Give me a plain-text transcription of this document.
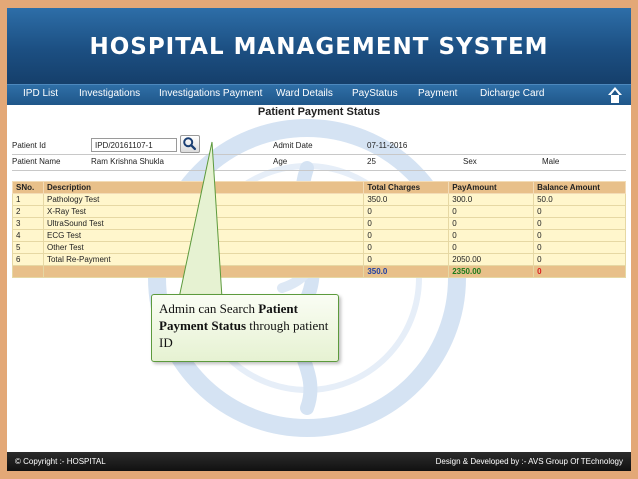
HOSPITAL MANAGEMENT SYSTEM
IPD List Investigations Investigations Payment Ward Details PayStatus Payment Dicharge Card
Patient Payment Status
Patient Id
IPD/20161107-1	Admit Date	07-11-2016
Patient Name	Ram Krishna Shukla	Age	25	Sex	Male
SNo.	Description	Total Charges	PayAmount	Balance Amount
1	Pathology Test	350.0	300.0	50.0
2	X-Ray Test	0	0	0
3	UltraSound Test	0	0	0
4	ECG Test	0	0	0
5	Other Test	0	0	0
6	Total Re-Payment	0	2050.00	0
		350.0	2350.00	0
Admin can Search Patient Payment Status through patient ID
© Copyright :- HOSPITAL	Design & Developed by :- AVS Group Of TEchnology
